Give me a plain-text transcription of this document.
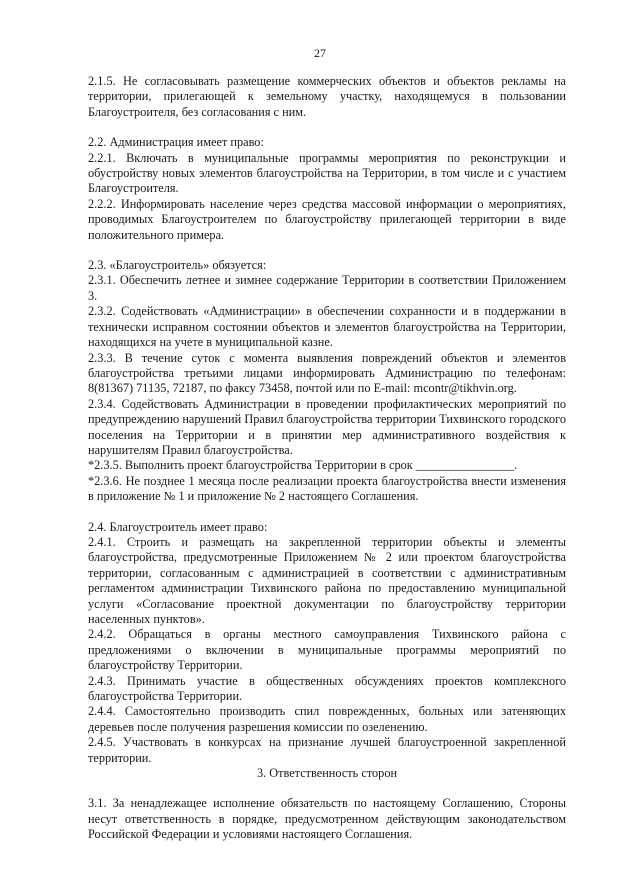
27

2.1.5. Не согласовывать размещение коммерческих объектов и объектов рекламы на территории, прилегающей к земельному участку, находящемуся в пользовании Благоустроителя, без согласования с ним.

2.2. Администрация имеет право:

2.2.1. Включать в муниципальные программы мероприятия по реконструкции и обустройству новых элементов благоустройства на Территории, в том числе и с участием Благоустроителя.

2.2.2. Информировать население через средства массовой информации о мероприятиях, проводимых Благоустроителем по благоустройству прилегающей территории в виде положительного примера.

2.3. «Благоустроитель» обязуется:

2.3.1. Обеспечить летнее и зимнее содержание Территории в соответствии Приложением 3.

2.3.2. Содействовать «Администрации» в обеспечении сохранности и в поддержании в технически исправном состоянии объектов и элементов благоустройства на Территории, находящихся на учете в муниципальной казне.

2.3.3. В течение суток с момента выявления повреждений объектов и элементов благоустройства третьими лицами информировать Администрацию по телефонам: 8(81367) 71135, 72187, по факсу 73458, почтой или по E-mail: mcontr@tikhvin.org.

2.3.4. Содействовать Администрации в проведении профилактических мероприятий по предупреждению нарушений Правил благоустройства территории Тихвинского городского поселения на Территории и в принятии мер административного воздействия к нарушителям Правил благоустройства.

*2.3.5. Выполнить проект благоустройства Территории в срок ________________.

*2.3.6. Не позднее 1 месяца после реализации проекта благоустройства внести изменения в приложение № 1 и приложение № 2 настоящего Соглашения.

2.4. Благоустроитель имеет право:

2.4.1. Строить и размещать на закрепленной территории объекты и элементы благоустройства, предусмотренные Приложением № 2 или проектом благоустройства территории, согласованным с администрацией в соответствии с административным регламентом администрации Тихвинского района по предоставлению муниципальной услуги «Согласование проектной документации по благоустройству территории населенных пунктов».

2.4.2. Обращаться в органы местного самоуправления Тихвинского района с предложениями о включении в муниципальные программы мероприятий по благоустройству Территории.

2.4.3. Принимать участие в общественных обсуждениях проектов комплексного благоустройства Территории.

2.4.4. Самостоятельно производить спил поврежденных, больных или затеняющих деревьев после получения разрешения комиссии по озеленению.

2.4.5. Участвовать в конкурсах на признание лучшей благоустроенной закрепленной территории.

3. Ответственность сторон

3.1. За ненадлежащее исполнение обязательств по настоящему Соглашению, Стороны несут ответственность в порядке, предусмотренном действующим законодательством Российской Федерации и условиями настоящего Соглашения.
